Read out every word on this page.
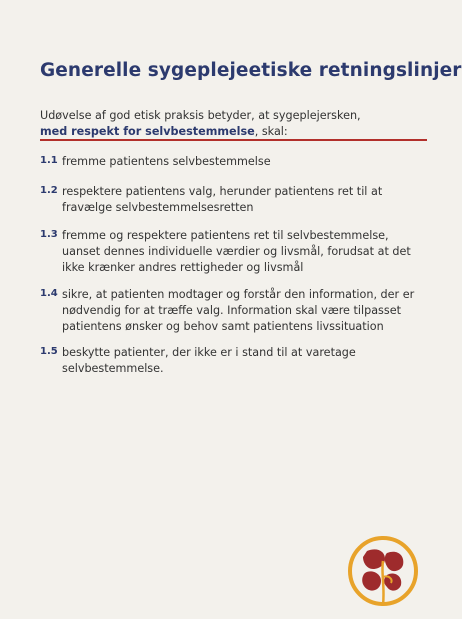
Generelle sygeplejeetiske retningslinjer
Udøvelse af god etisk praksis betyder, at sygeplejersken,
med respekt for selvbestemmelse, skal:
1.1 fremme patientens selvbestemmelse
1.2 respektere patientens valg, herunder patientens ret til at fravælge selvbestemmelsesretten
1.3 fremme og respektere patientens ret til selvbestemmelse, uanset dennes individuelle værdier og livsmål, forudsat at det ikke krænker andres rettigheder og livsmål
1.4 sikre, at patienten modtager og forstår den information, der er nødvendig for at træffe valg. Information skal være tilpasset patientens ønsker og behov samt patientens livssituation
1.5 beskytte patienter, der ikke er i stand til at varetage selvbestemmelse.
